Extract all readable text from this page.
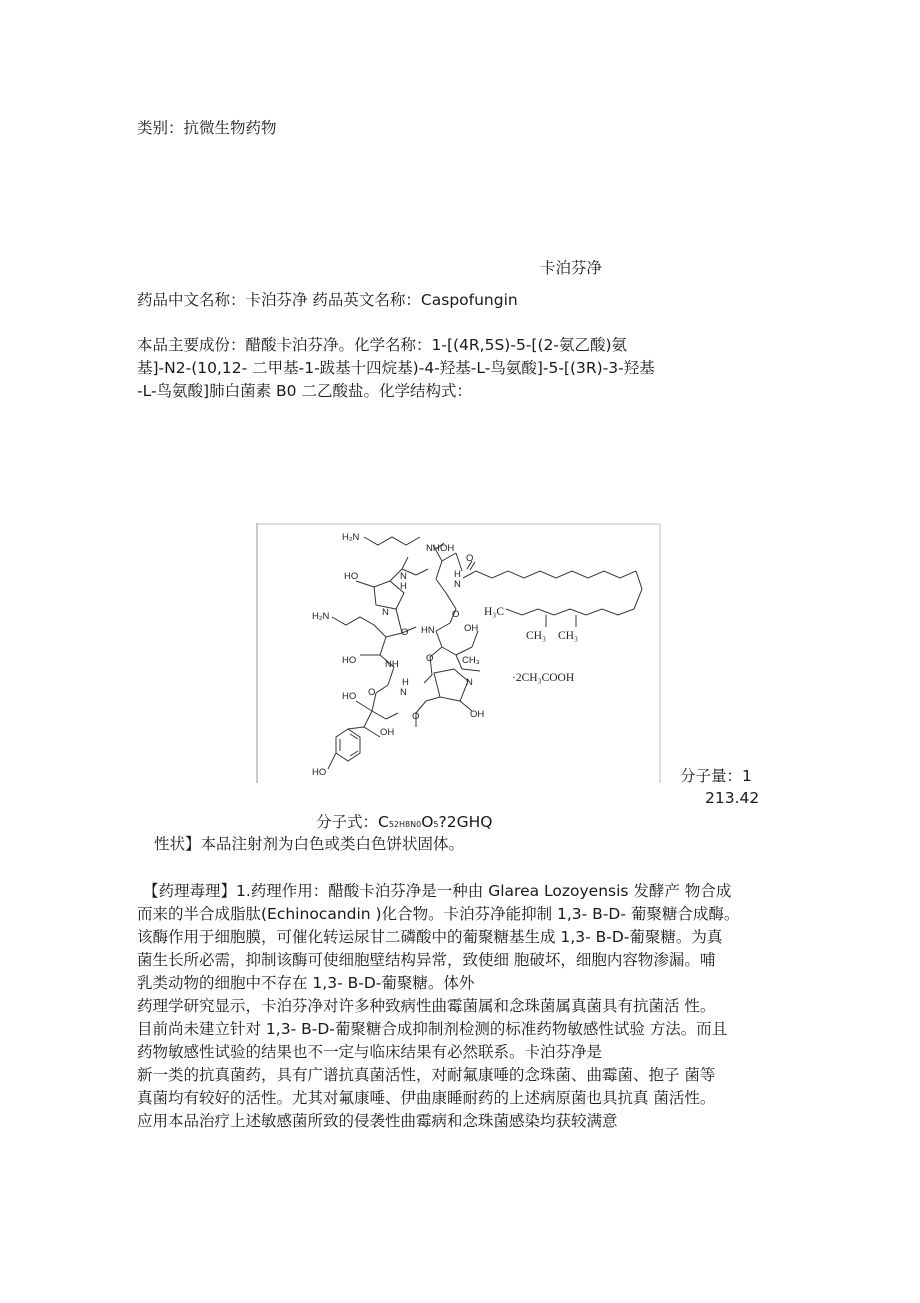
类别：抗微生物药物
卡泊芬净
药品中文名称：卡泊芬净 药品英文名称：Caspofungin
本品主要成份：醋酸卡泊芬净。化学名称：1-[(4R,5S)-5-[(2-氨乙酸)氨
基]-N2-(10,12- 二甲基-1-跋基十四烷基)-4-羟基-L-鸟氨酸]-5-[(3R)-3-羟基
-L-鸟氨酸]肺白菌素 B0 二乙酸盐。化学结构式：
H₂N
NH OH
O
HO	N
H
H
N
H₂N	O
N
O HN	OH
HO	NH
O	CH₃
HO O
H
N
N
O	OH
OH
HO
H₃C
CH₃ CH₃
·2CH₃COOH
分子量：1
213.42
分子式：C52H8N0O5?2GHQ
性状】本品注射剂为白色或类白色饼状固体。
【药理毒理】1.药理作用：醋酸卡泊芬净是一种由 Glarea Lozoyensis 发酵产 物合成
而来的半合成脂肽(Echinocandin )化合物。卡泊芬净能抑制 1,3- B-D- 葡聚糖合成酶。
该酶作用于细胞膜，可催化转运尿甘二磷酸中的葡聚糖基生成 1,3- B-D-葡聚糖。为真
菌生长所必需，抑制该酶可使细胞壁结构异常，致使细 胞破坏，细胞内容物渗漏。哺
乳类动物的细胞中不存在 1,3- B-D-葡聚糖。体外
药理学研究显示，卡泊芬净对许多种致病性曲霉菌属和念珠菌属真菌具有抗菌活 性。
目前尚未建立针对 1,3- B-D-葡聚糖合成抑制剂检测的标准药物敏感性试验 方法。而且
药物敏感性试验的结果也不一定与临床结果有必然联系。卡泊芬净是
新一类的抗真菌药，具有广谱抗真菌活性，对耐氟康唾的念珠菌、曲霉菌、抱子 菌等
真菌均有较好的活性。尤其对氟康唾、伊曲康睡耐药的上述病原菌也具抗真 菌活性。
应用本品治疗上述敏感菌所致的侵袭性曲霉病和念珠菌感染均获较满意
